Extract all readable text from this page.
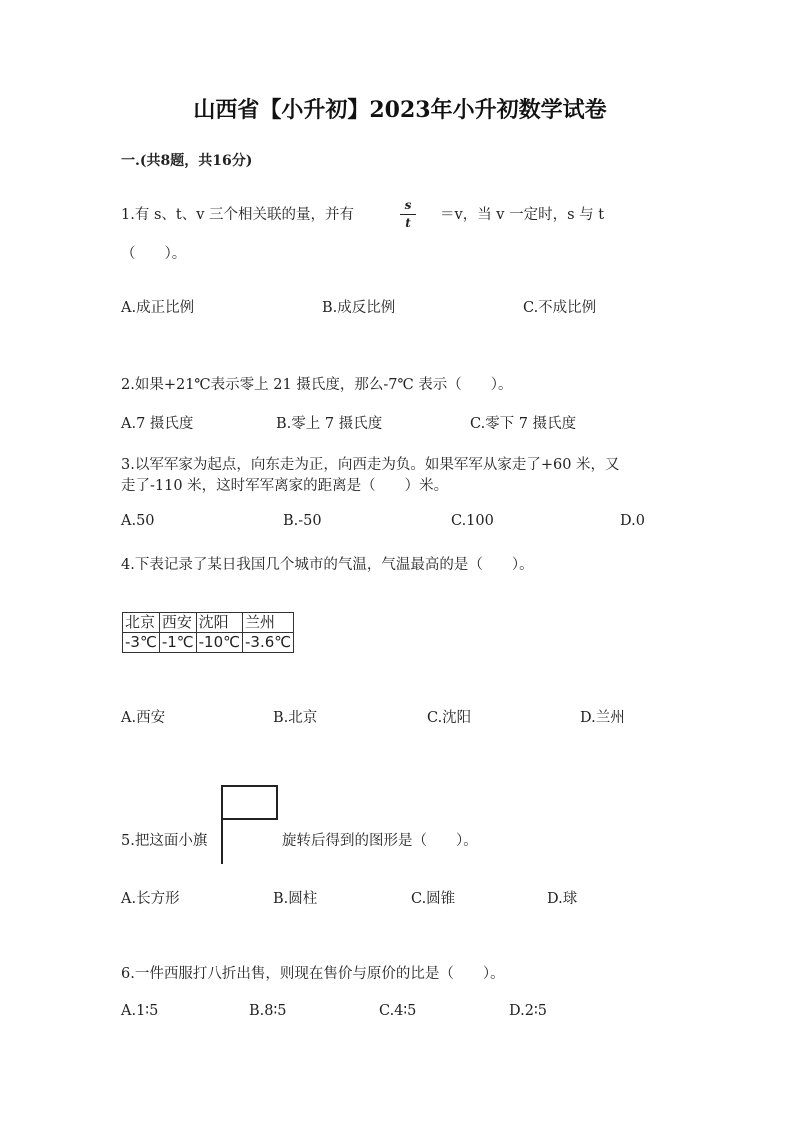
山西省【小升初】2023年小升初数学试卷
一.(共8题，共16分)
1.有 s、t、v 三个相关联的量，并有
s
t	＝v，当 v 一定时，s 与 t
（　　）。
A.成正比例	B.成反比例	C.不成比例
2.如果+21℃表示零上 21 摄氏度，那么-7℃ 表示（　　）。
A.7 摄氏度	B.零上 7 摄氏度	C.零下 7 摄氏度
3.以军军家为起点，向东走为正，向西走为负。如果军军从家走了+60 米，又
走了-110 米，这时军军离家的距离是（　　）米。
A.50	B.-50	C.100	D.0
4.下表记录了某日我国几个城市的气温，气温最高的是（　　）。
北京	西安	沈阳	兰州
-3℃	-1℃	-10℃	-3.6℃
A.西安	B.北京	C.沈阳	D.兰州
5.把这面小旗	旋转后得到的图形是（　　）。
A.长方形	B.圆柱	C.圆锥	D.球
6.一件西服打八折出售，则现在售价与原价的比是（　　）。
A.1∶5	B.8∶5	C.4∶5	D.2∶5
